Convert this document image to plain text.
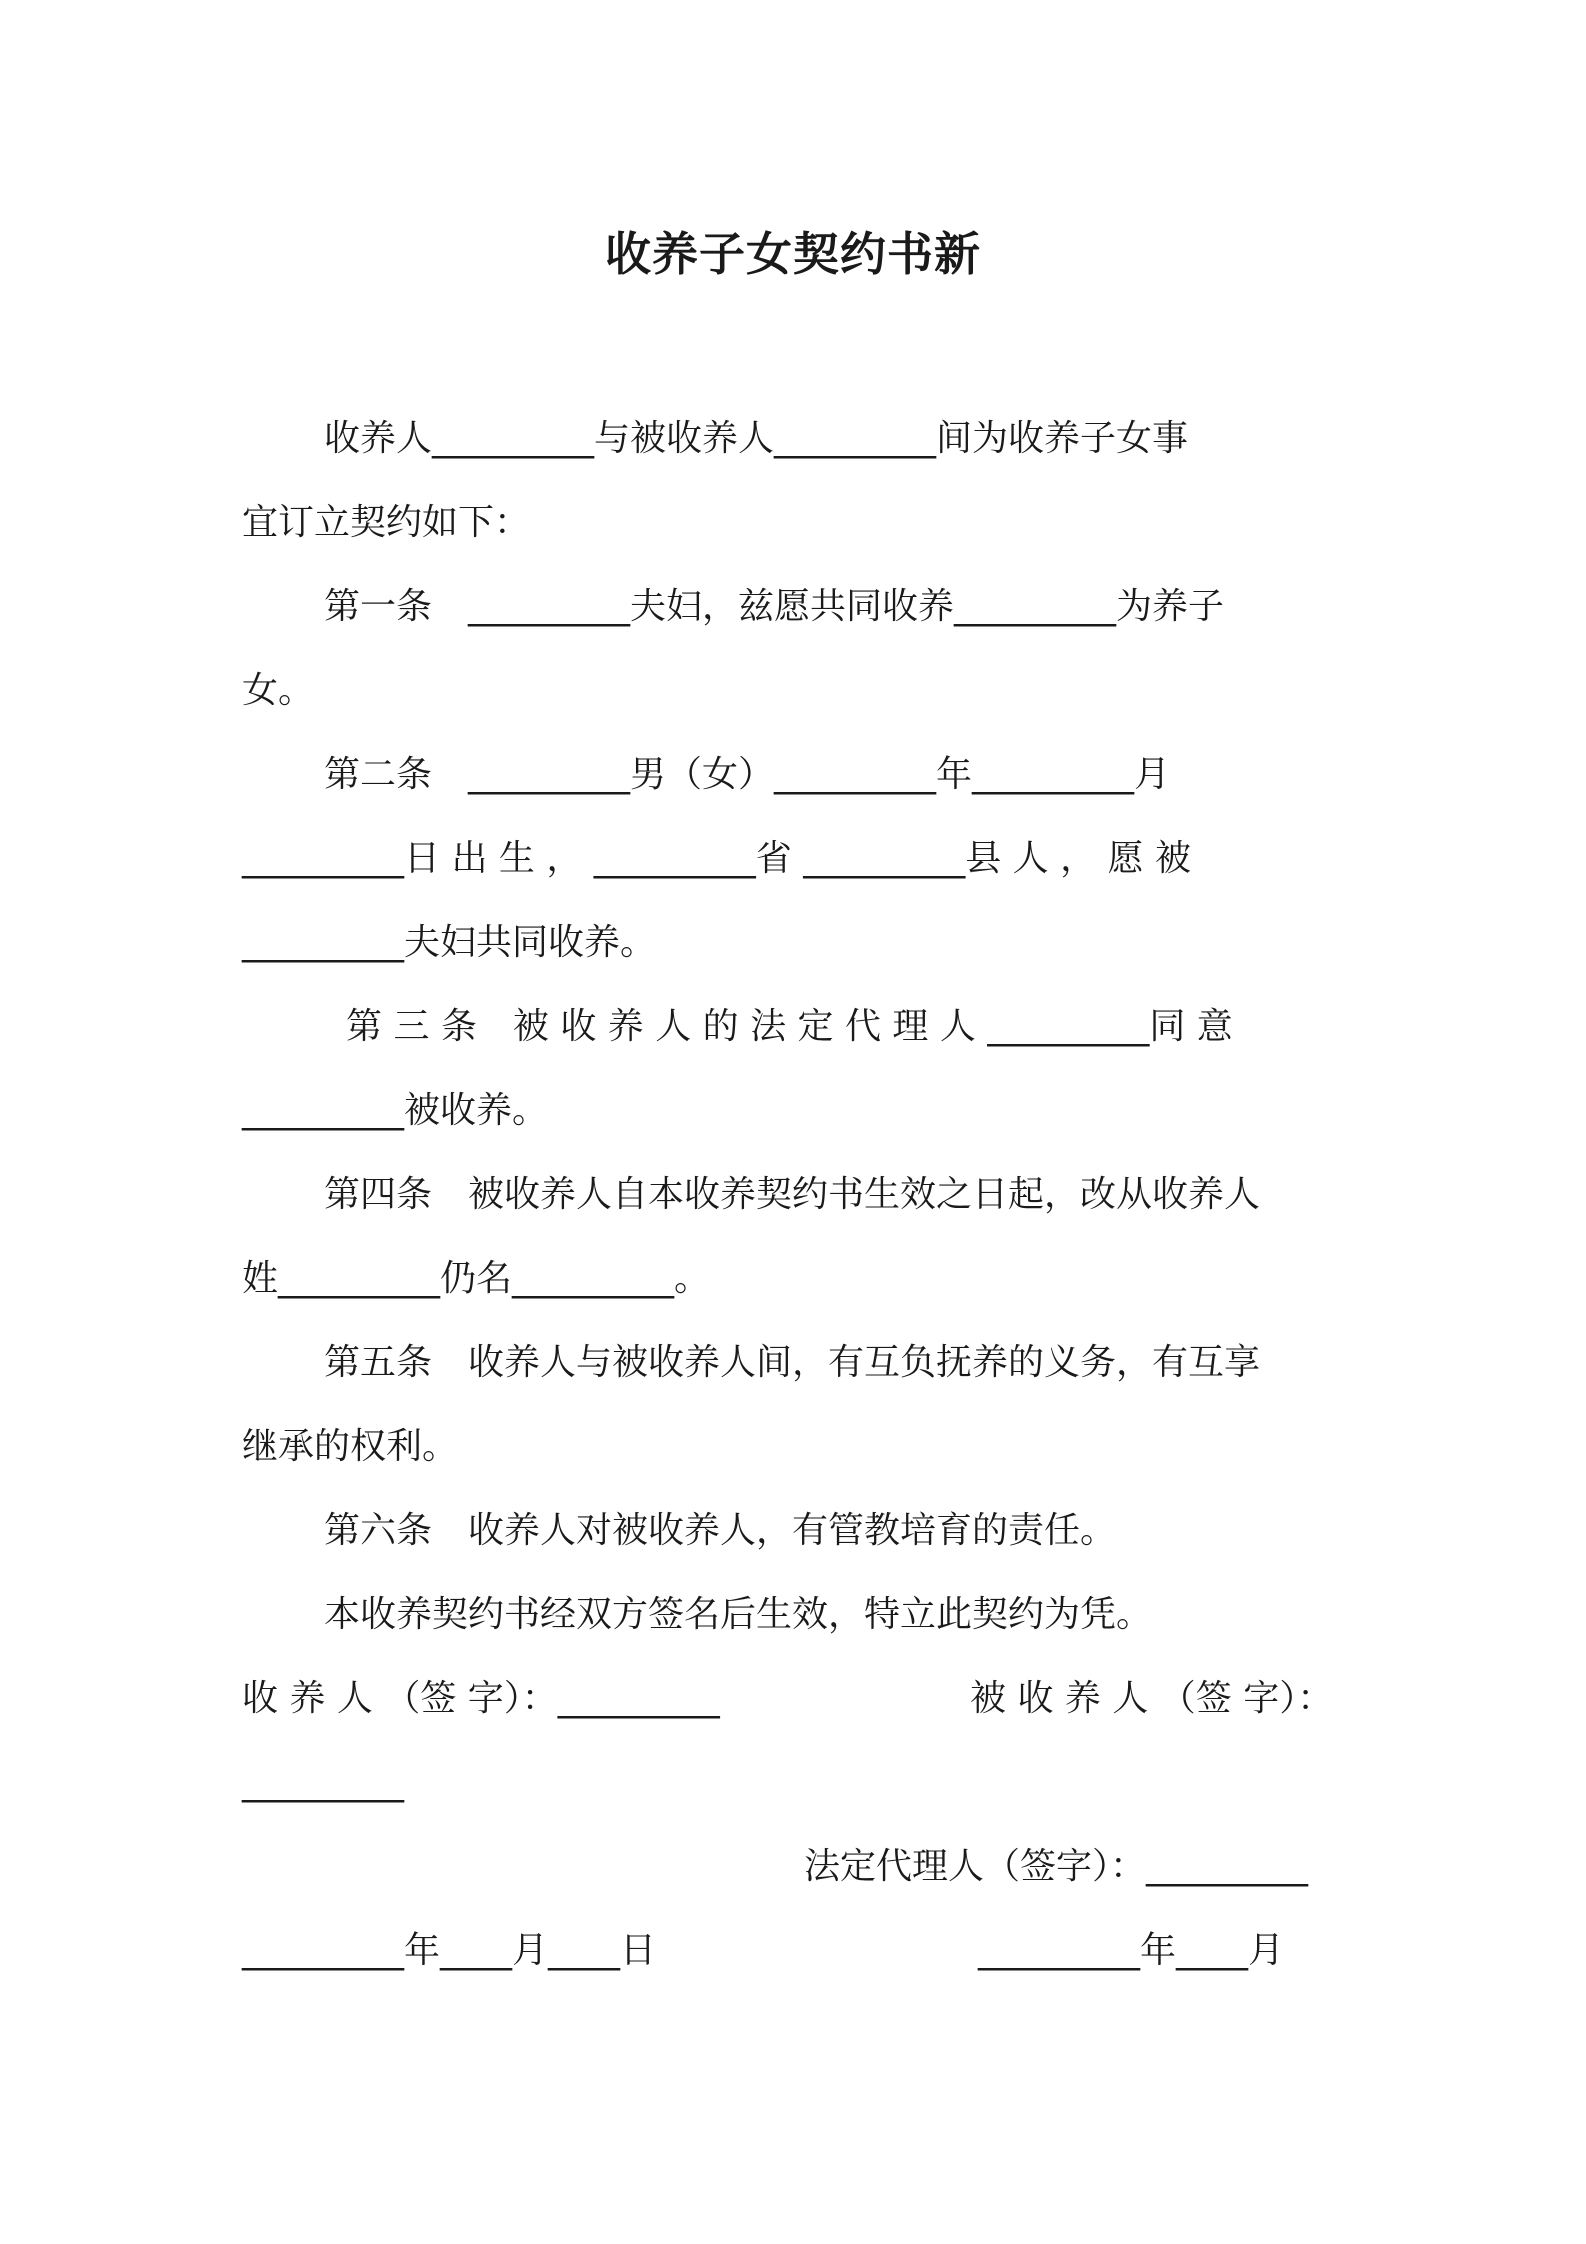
收养子女契约书新
收养人_________与被收养人_________间为收养子女事
宜订立契约如下：
第一条　_________夫妇，兹愿共同收养_________为养子
女。
第二条　_________男（女）_________年_________月
_________日 出 生 ， _________省 _________县 人 ， 愿 被
_________夫妇共同收养。
第 三 条　被 收 养 人 的 法 定 代 理 人 _________同 意
_________被收养。
第四条　被收养人自本收养契约书生效之日起，改从收养人
姓_________仍名_________。
第五条　收养人与被收养人间，有互负抚养的义务，有互享
继承的权利。
第六条　收养人对被收养人，有管教培育的责任。
本收养契约书经双方签名后生效，特立此契约为凭。
收 养 人 （签 字）：_________	被 收 养 人 （签 字）：
_________
法定代理人（签字）：_________
_________年____月____日	_________年____月
